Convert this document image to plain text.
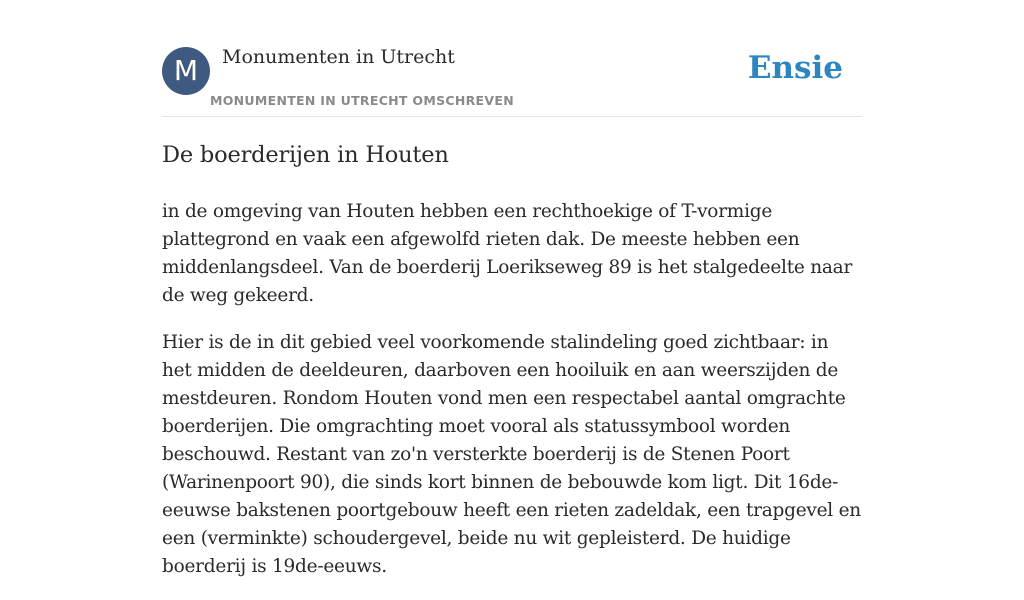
M	Monumenten in Utrecht
MONUMENTEN IN UTRECHT OMSCHREVEN
Ensie
De boerderijen in Houten

in de omgeving van Houten hebben een rechthoekige of T-vormige plattegrond en vaak een afgewolfd rieten dak. De meeste hebben een middenlangsdeel. Van de boerderij Loerikseweg 89 is het stalgedeelte naar de weg gekeerd.

Hier is de in dit gebied veel voorkomende stalindeling goed zichtbaar: in het midden de deeldeuren, daarboven een hooiluik en aan weerszijden de mestdeuren. Rondom Houten vond men een respectabel aantal omgrachte boerderijen. Die omgrachting moet vooral als statussymbool worden beschouwd. Restant van zo'n versterkte boerderij is de Stenen Poort (Warinenpoort 90), die sinds kort binnen de bebouwde kom ligt. Dit 16de-eeuwse bakstenen poortgebouw heeft een rieten zadeldak, een trapgevel en een (verminkte) schoudergevel, beide nu wit gepleisterd. De huidige boerderij is 19de-eeuws.
